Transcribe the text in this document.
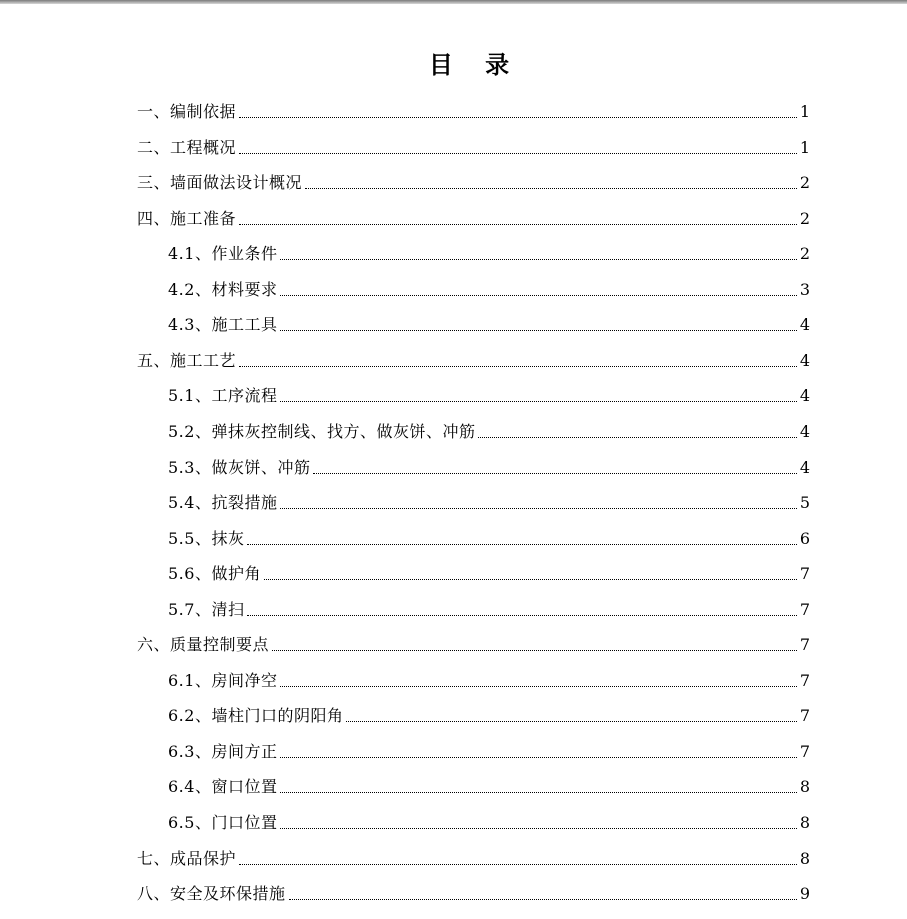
目 录
一、编制依据	1
二、工程概况	1
三、墙面做法设计概况	2
四、施工准备	2
4.1、作业条件	2
4.2、材料要求	3
4.3、施工工具	4
五、施工工艺	4
5.1、工序流程	4
5.2、弹抹灰控制线、找方、做灰饼、冲筋	4
5.3、做灰饼、冲筋	4
5.4、抗裂措施	5
5.5、抹灰	6
5.6、做护角	7
5.7、清扫	7
六、质量控制要点	7
6.1、房间净空	7
6.2、墙柱门口的阴阳角	7
6.3、房间方正	7
6.4、窗口位置	8
6.5、门口位置	8
七、成品保护	8
八、安全及环保措施	9
